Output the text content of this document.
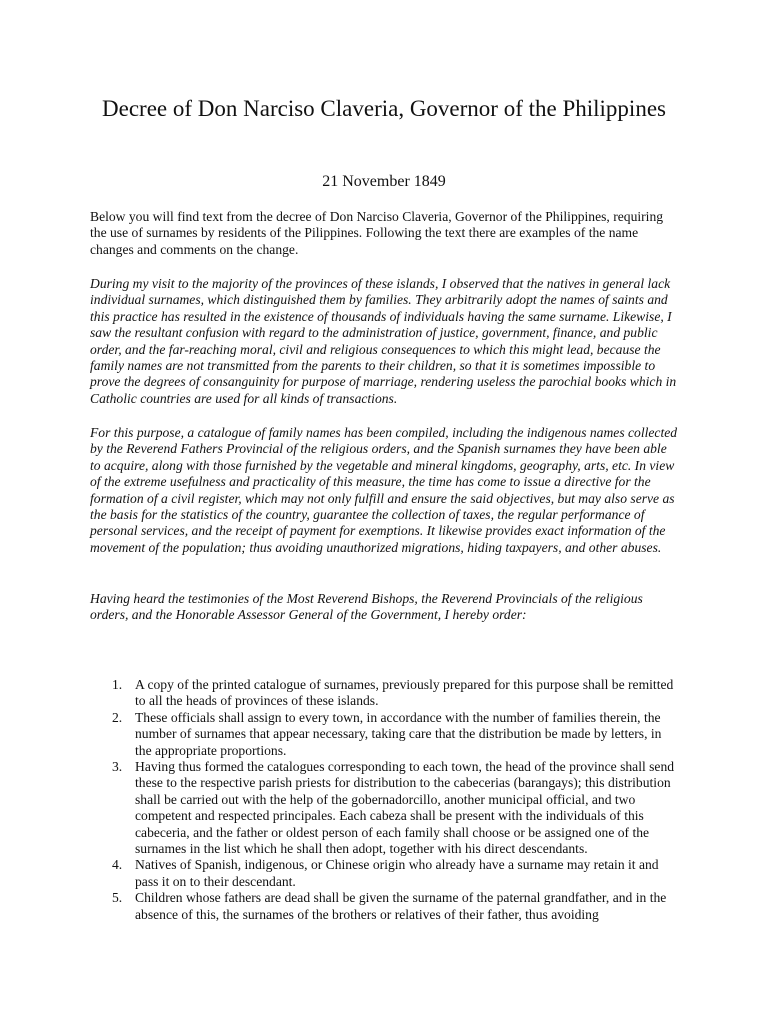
Decree of Don Narciso Claveria, Governor of the Philippines

21 November 1849

Below you will find text from the decree of Don Narciso Claveria, Governor of the Philippines, requiring the use of surnames by residents of the Pilippines. Following the text there are examples of the name changes and comments on the change.

During my visit to the majority of the provinces of these islands, I observed that the natives in general lack individual surnames, which distinguished them by families. They arbitrarily adopt the names of saints and this practice has resulted in the existence of thousands of individuals having the same surname. Likewise, I saw the resultant confusion with regard to the administration of justice, government, finance, and public order, and the far-reaching moral, civil and religious consequences to which this might lead, because the family names are not transmitted from the parents to their children, so that it is sometimes impossible to prove the degrees of consanguinity for purpose of marriage, rendering useless the parochial books which in Catholic countries are used for all kinds of transactions.

For this purpose, a catalogue of family names has been compiled, including the indigenous names collected by the Reverend Fathers Provincial of the religious orders, and the Spanish surnames they have been able to acquire, along with those furnished by the vegetable and mineral kingdoms, geography, arts, etc. In view of the extreme usefulness and practicality of this measure, the time has come to issue a directive for the formation of a civil register, which may not only fulfill and ensure the said objectives, but may also serve as the basis for the statistics of the country, guarantee the collection of taxes, the regular performance of personal services, and the receipt of payment for exemptions. It likewise provides exact information of the movement of the population; thus avoiding unauthorized migrations, hiding taxpayers, and other abuses.

Having heard the testimonies of the Most Reverend Bishops, the Reverend Provincials of the religious orders, and the Honorable Assessor General of the Government, I hereby order:

1. A copy of the printed catalogue of surnames, previously prepared for this purpose shall be remitted to all the heads of provinces of these islands.
2. These officials shall assign to every town, in accordance with the number of families therein, the number of surnames that appear necessary, taking care that the distribution be made by letters, in the appropriate proportions.
3. Having thus formed the catalogues corresponding to each town, the head of the province shall send these to the respective parish priests for distribution to the cabecerias (barangays); this distribution shall be carried out with the help of the gobernadorcillo, another municipal official, and two competent and respected principales. Each cabeza shall be present with the individuals of this cabeceria, and the father or oldest person of each family shall choose or be assigned one of the surnames in the list which he shall then adopt, together with his direct descendants.
4. Natives of Spanish, indigenous, or Chinese origin who already have a surname may retain it and pass it on to their descendant.
5. Children whose fathers are dead shall be given the surname of the paternal grandfather, and in the absence of this, the surnames of the brothers or relatives of their father, thus avoiding
